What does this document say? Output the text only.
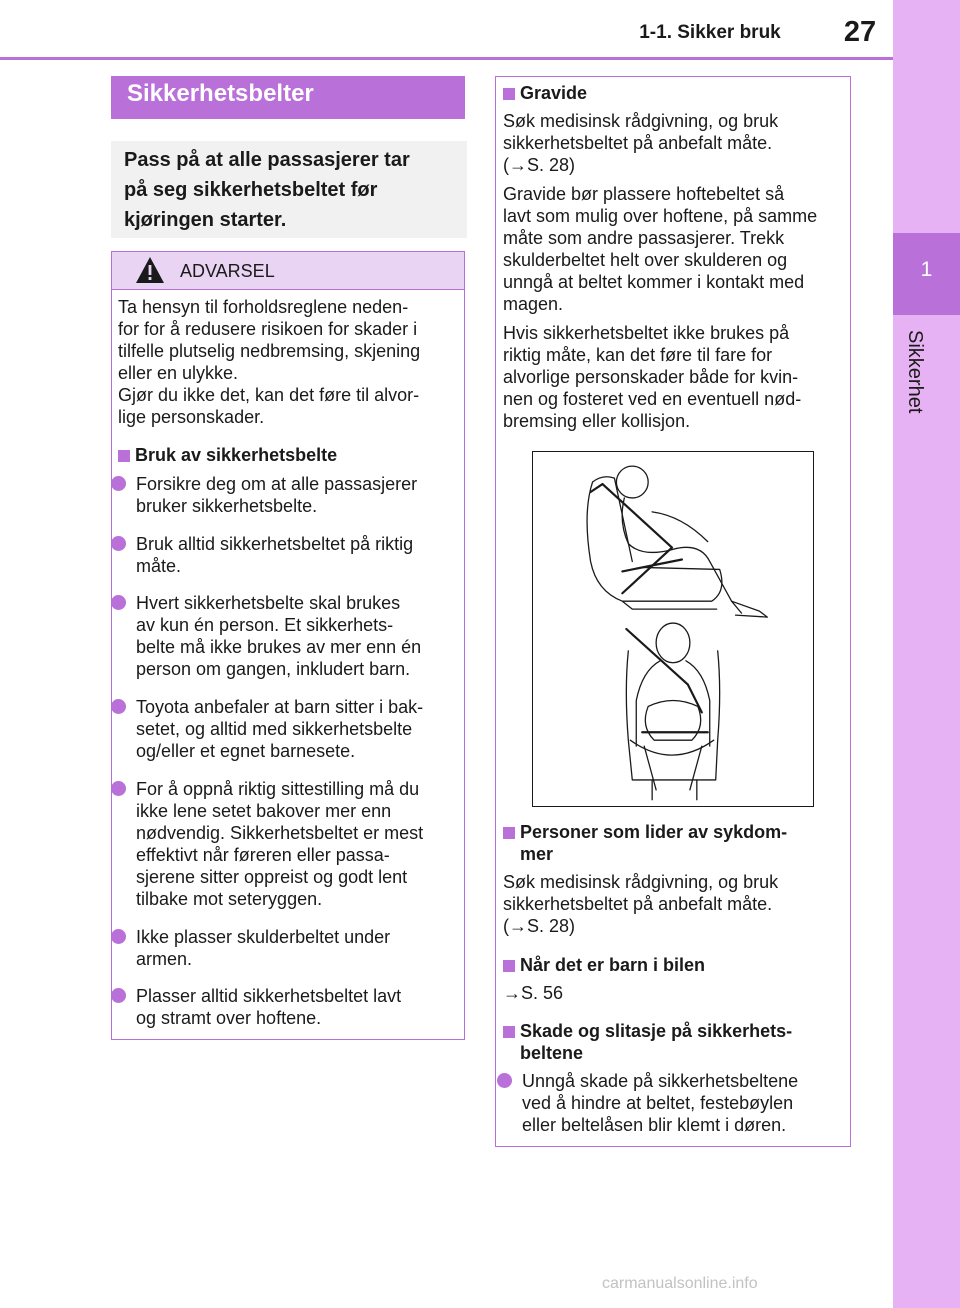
1-1. Sikker bruk	27
1
Sikkerhet
Sikkerhetsbelter
Pass på at alle passasjerer tar
på seg sikkerhetsbeltet før
kjøringen starter.
ADVARSEL
Ta hensyn til forholdsreglene neden-
for for å redusere risikoen for skader i
tilfelle plutselig nedbremsing, skjening
eller en ulykke.
Gjør du ikke det, kan det føre til alvor-
lige personskader.
Bruk av sikkerhetsbelte
Forsikre deg om at alle passasjerer
bruker sikkerhetsbelte.
Bruk alltid sikkerhetsbeltet på riktig
måte.
Hvert sikkerhetsbelte skal brukes
av kun én person. Et sikkerhets-
belte må ikke brukes av mer enn én
person om gangen, inkludert barn.
Toyota anbefaler at barn sitter i bak-
setet, og alltid med sikkerhetsbelte
og/eller et egnet barnesete.
For å oppnå riktig sittestilling må du
ikke lene setet bakover mer enn
nødvendig. Sikkerhetsbeltet er mest
effektivt når føreren eller passa-
sjerene sitter oppreist og godt lent
tilbake mot seteryggen.
Ikke plasser skulderbeltet under
armen.
Plasser alltid sikkerhetsbeltet lavt
og stramt over hoftene.
Gravide
Søk medisinsk rådgivning, og bruk
sikkerhetsbeltet på anbefalt måte.
(→S. 28)
Gravide bør plassere hoftebeltet så
lavt som mulig over hoftene, på samme
måte som andre passasjerer. Trekk
skulderbeltet helt over skulderen og
unngå at beltet kommer i kontakt med
magen.
Hvis sikkerhetsbeltet ikke brukes på
riktig måte, kan det føre til fare for
alvorlige personskader både for kvin-
nen og fosteret ved en eventuell nød-
bremsing eller kollisjon.
Personer som lider av sykdom-
mer
Søk medisinsk rådgivning, og bruk
sikkerhetsbeltet på anbefalt måte.
(→S. 28)
Når det er barn i bilen
→S. 56
Skade og slitasje på sikkerhets-
beltene
Unngå skade på sikkerhetsbeltene
ved å hindre at beltet, festebøylen
eller beltelåsen blir klemt i døren.
carmanualsonline.info
